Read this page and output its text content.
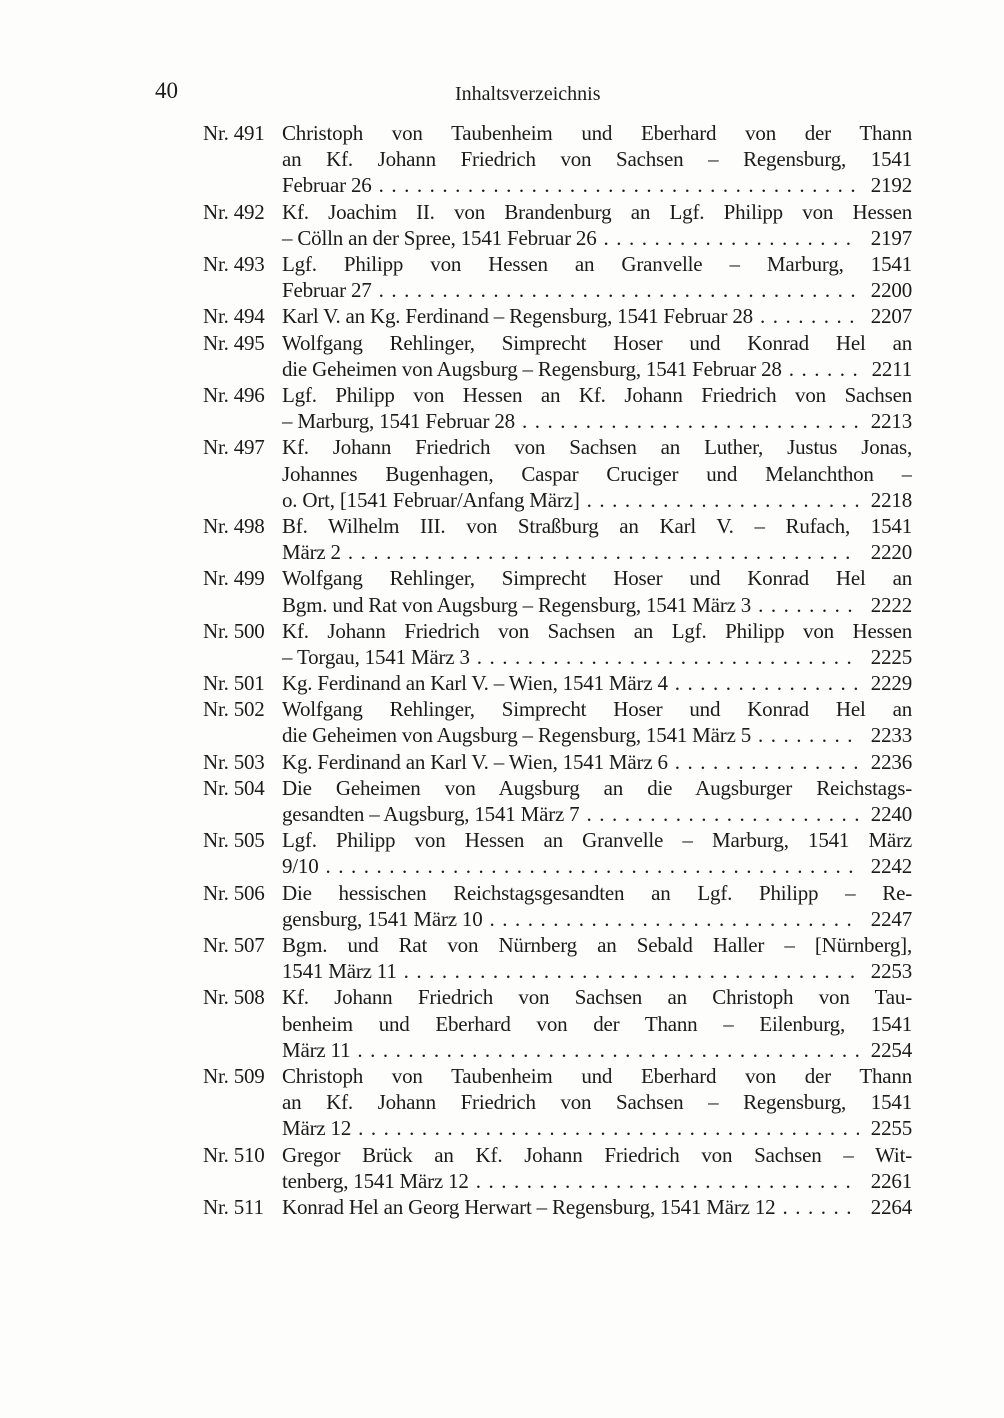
40	Inhaltsverzeichnis
Nr. 491 Christoph von Taubenheim und Eberhard von der Thann
an Kf. Johann Friedrich von Sachsen – Regensburg, 1541
Februar 26 .....	2192
Nr. 492 Kf. Joachim II. von Brandenburg an Lgf. Philipp von Hessen
– Cölln an der Spree, 1541 Februar 26 .....	2197
Nr. 493 Lgf. Philipp von Hessen an Granvelle – Marburg, 1541
Februar 27 .....	2200
Nr. 494 Karl V. an Kg. Ferdinand – Regensburg, 1541 Februar 28 .....	2207
Nr. 495 Wolfgang Rehlinger, Simprecht Hoser und Konrad Hel an
die Geheimen von Augsburg – Regensburg, 1541 Februar 28 .....	2211
Nr. 496 Lgf. Philipp von Hessen an Kf. Johann Friedrich von Sachsen
– Marburg, 1541 Februar 28 .....	2213
Nr. 497 Kf. Johann Friedrich von Sachsen an Luther, Justus Jonas,
Johannes Bugenhagen, Caspar Cruciger und Melanchthon –
o. Ort, [1541 Februar/Anfang März] .....	2218
Nr. 498 Bf. Wilhelm III. von Straßburg an Karl V. – Rufach, 1541
März 2 .....	2220
Nr. 499 Wolfgang Rehlinger, Simprecht Hoser und Konrad Hel an
Bgm. und Rat von Augsburg – Regensburg, 1541 März 3 .....	2222
Nr. 500 Kf. Johann Friedrich von Sachsen an Lgf. Philipp von Hessen
– Torgau, 1541 März 3 .....	2225
Nr. 501 Kg. Ferdinand an Karl V. – Wien, 1541 März 4 .....	2229
Nr. 502 Wolfgang Rehlinger, Simprecht Hoser und Konrad Hel an
die Geheimen von Augsburg – Regensburg, 1541 März 5 .....	2233
Nr. 503 Kg. Ferdinand an Karl V. – Wien, 1541 März 6 .....	2236
Nr. 504 Die Geheimen von Augsburg an die Augsburger Reichstags-
gesandten – Augsburg, 1541 März 7 .....	2240
Nr. 505 Lgf. Philipp von Hessen an Granvelle – Marburg, 1541 März
9/10 .....	2242
Nr. 506 Die hessischen Reichstagsgesandten an Lgf. Philipp – Re-
gensburg, 1541 März 10 .....	2247
Nr. 507 Bgm. und Rat von Nürnberg an Sebald Haller – [Nürnberg],
1541 März 11 .....	2253
Nr. 508 Kf. Johann Friedrich von Sachsen an Christoph von Tau-
benheim und Eberhard von der Thann – Eilenburg, 1541
März 11 .....	2254
Nr. 509 Christoph von Taubenheim und Eberhard von der Thann
an Kf. Johann Friedrich von Sachsen – Regensburg, 1541
März 12 .....	2255
Nr. 510 Gregor Brück an Kf. Johann Friedrich von Sachsen – Wit-
tenberg, 1541 März 12 .....	2261
Nr. 511 Konrad Hel an Georg Herwart – Regensburg, 1541 März 12 .....	2264
